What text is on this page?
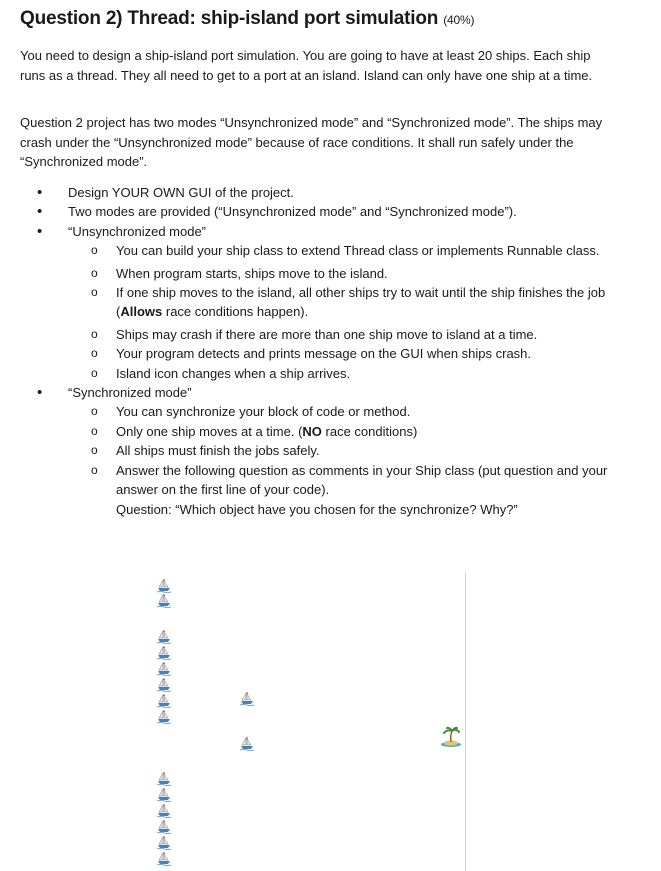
Question 2) Thread: ship-island port simulation (40%)

You need to design a ship-island port simulation. You are going to have at least 20 ships. Each ship runs as a thread. They all need to get to a port at an island. Island can only have one ship at a time.

Question 2 project has two modes “Unsynchronized mode” and “Synchronized mode”. The ships may crash under the “Unsynchronized mode” because of race conditions. It shall run safely under the “Synchronized mode”.

• Design YOUR OWN GUI of the project.
• Two modes are provided (“Unsynchronized mode” and “Synchronized mode”).
• “Unsynchronized mode”
o You can build your ship class to extend Thread class or implements Runnable class.
o When program starts, ships move to the island.
o If one ship moves to the island, all other ships try to wait until the ship finishes the job (Allows race conditions happen).
o Ships may crash if there are more than one ship move to island at a time.
o Your program detects and prints message on the GUI when ships crash.
o Island icon changes when a ship arrives.
• “Synchronized mode”
o You can synchronize your block of code or method.
o Only one ship moves at a time. (NO race conditions)
o All ships must finish the jobs safely.
o Answer the following question as comments in your Ship class (put question and your answer on the first line of your code).
Question: “Which object have you chosen for the synchronize? Why?”
